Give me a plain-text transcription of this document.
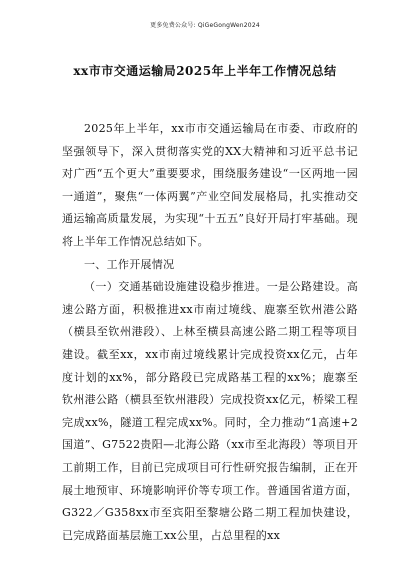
更多免费公众号: QiGeGongWen2024
xx市市交通运输局2025年上半年工作情况总结

2025年上半年，xx市市交通运输局在市委、市政府的坚强领导下，深入贯彻落实党的XX大精神和习近平总书记对广西“五个更大”重要要求，围绕服务建设“一区两地一园一通道”，聚焦“一体两翼”产业空间发展格局，扎实推动交通运输高质量发展，为实现“十五五”良好开局打牢基础。现将上半年工作情况总结如下。

一、工作开展情况

（一）交通基础设施建设稳步推进。一是公路建设。高速公路方面，积极推进xx市南过境线、鹿寨至钦州港公路（横县至钦州港段）、上林至横县高速公路二期工程等项目建设。截至xx，xx市南过境线累计完成投资xx亿元，占年度计划的xx%，部分路段已完成路基工程的xx%；鹿寨至钦州港公路（横县至钦州港段）完成投资xx亿元，桥梁工程完成xx%，隧道工程完成xx%。同时，全力推动“1高速+2国道”、G7522贵阳—北海公路（xx市至北海段）等项目开工前期工作，目前已完成项目可行性研究报告编制，正在开展土地预审、环境影响评价等专项工作。普通国省道方面，G322／G358xx市至宾阳至黎塘公路二期工程加快建设，已完成路面基层施工xx公里，占总里程的xx
